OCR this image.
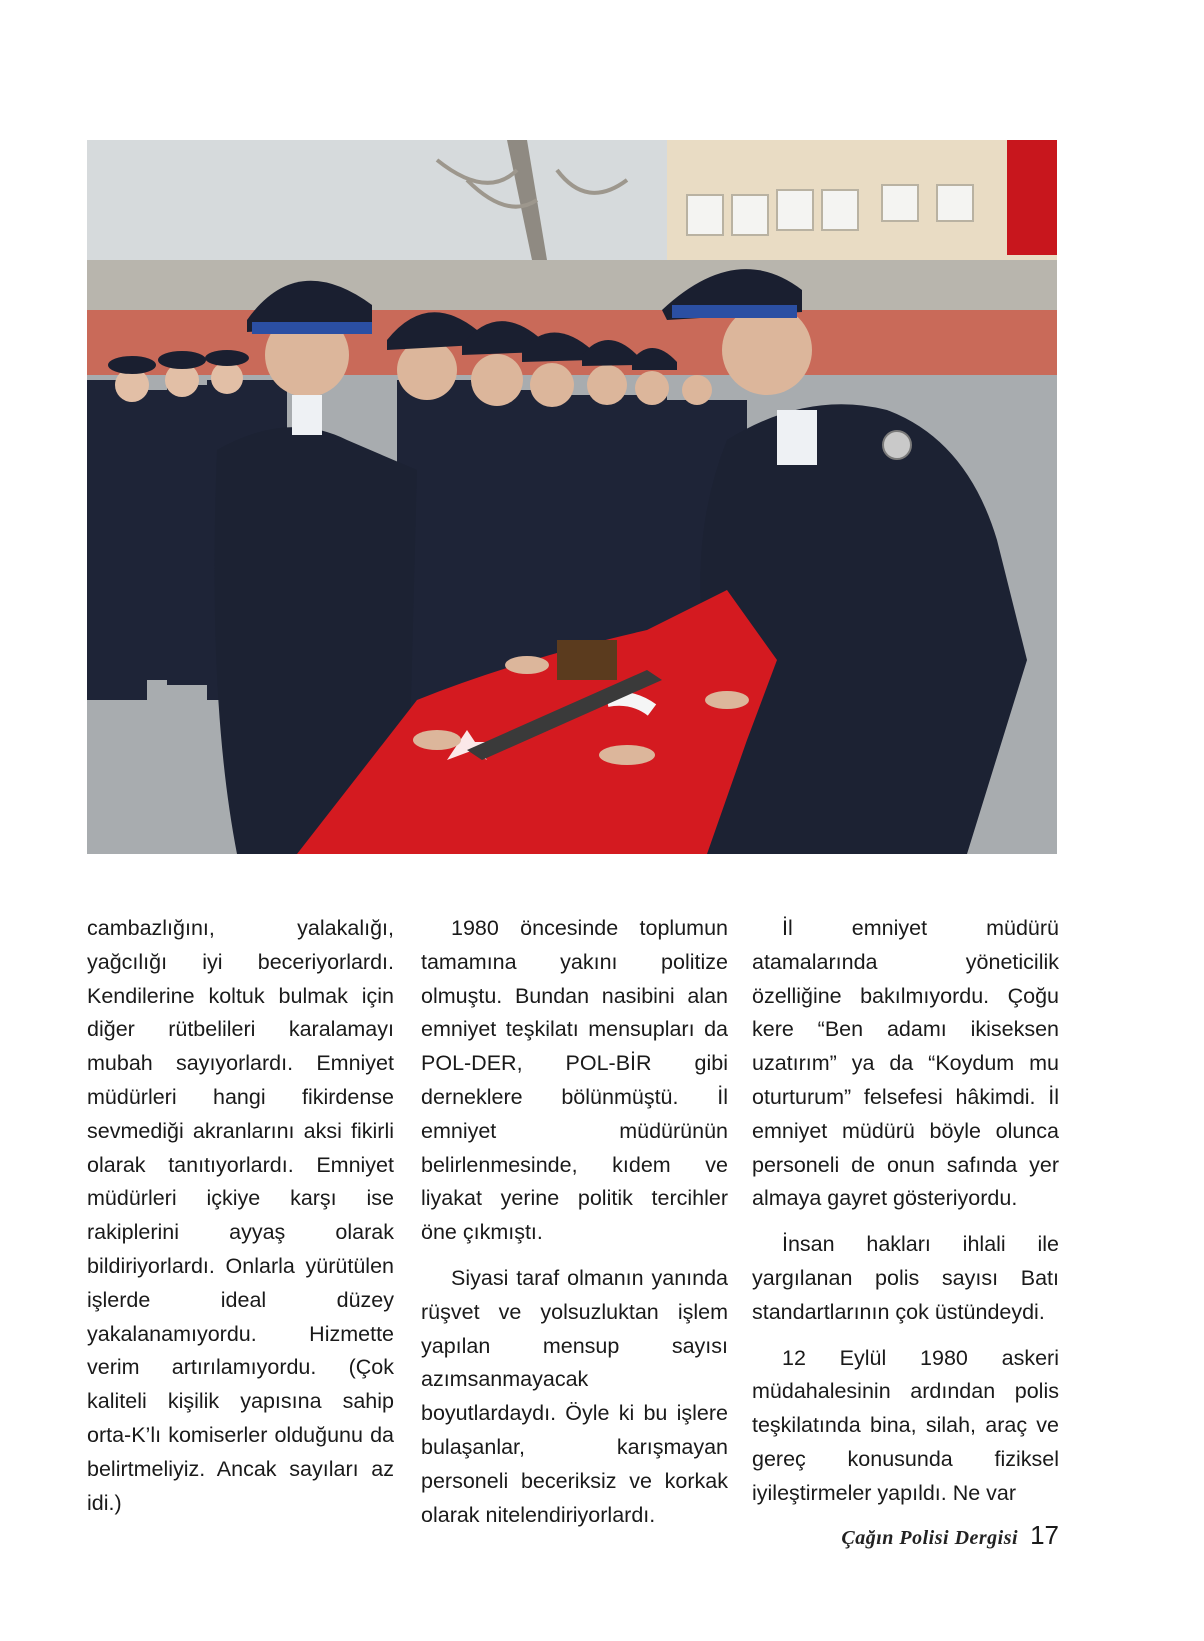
cambazlığını, yalakalığı, yağcılığı iyi beceriyorlardı. Kendilerine koltuk bulmak için diğer rütbelileri karalamayı mubah sayıyorlardı. Emniyet müdürleri hangi fikirdense sevmediği akranlarını aksi fikirli olarak tanıtıyorlardı. Emniyet müdürleri içkiye karşı ise rakiplerini ayyaş olarak bildiriyorlardı. Onlarla yürütülen işlerde ideal düzey yakalanamıyordu. Hizmette verim artırılamıyordu. (Çok kaliteli kişilik yapısına sahip orta-K’lı komiserler olduğunu da belirtmeliyiz. Ancak sayıları az idi.)

1980 öncesinde toplumun tamamına yakını politize olmuştu. Bundan nasibini alan emniyet teşkilatı mensupları da POL-DER, POL-BİR gibi derneklere bölünmüştü. İl emniyet müdürünün belirlenmesinde, kıdem ve liyakat yerine politik tercihler öne çıkmıştı.

Siyasi taraf olmanın yanında rüşvet ve yolsuzluktan işlem yapılan mensup sayısı azımsanmayacak boyutlardaydı. Öyle ki bu işlere bulaşanlar, karışmayan personeli beceriksiz ve korkak olarak nitelendiriyorlardı.

İl emniyet müdürü atamalarında yöneticilik özelliğine bakılmıyordu. Çoğu kere “Ben adamı ikiseksen uzatırım” ya da “Koydum mu oturturum” felsefesi hâkimdi. İl emniyet müdürü böyle olunca personeli de onun safında yer almaya gayret gösteriyordu.

İnsan hakları ihlali ile yargılanan polis sayısı Batı standartlarının çok üstündeydi.

12 Eylül 1980 askeri müdahalesinin ardından polis teşkilatında bina, silah, araç ve gereç konusunda fiziksel iyileştirmeler yapıldı. Ne var

Çağın Polisi Dergisi 17
